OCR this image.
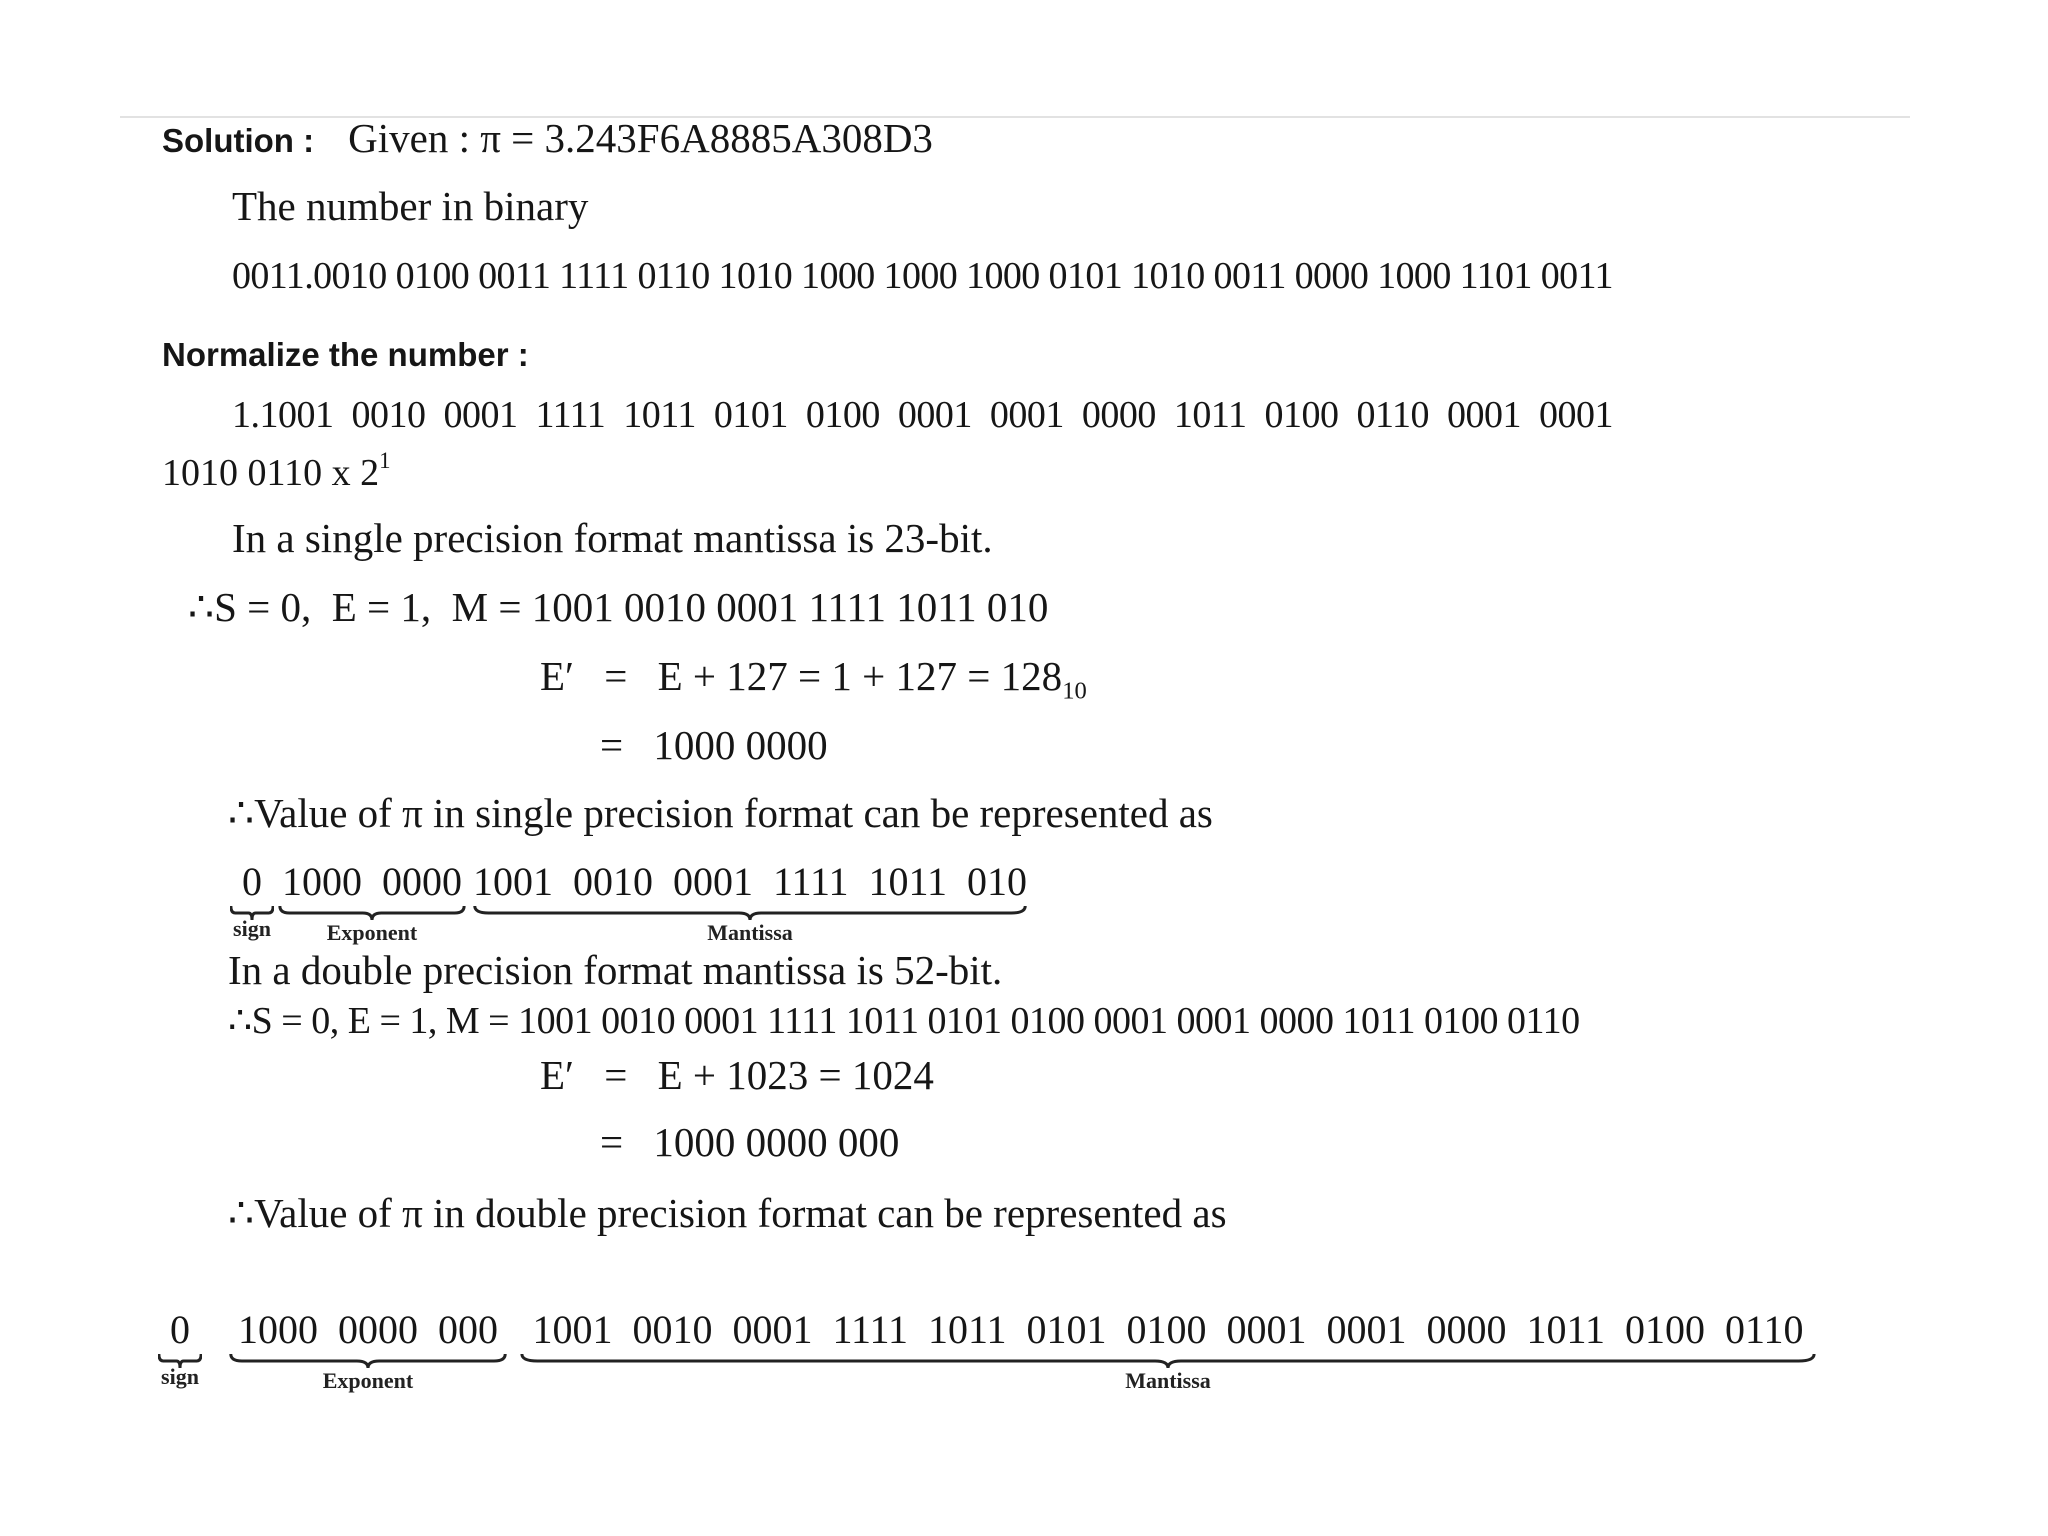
Solution : Given : π = 3.243F6A8885A308D3
The number in binary
0011.0010 0100 0011 1111 0110 1010 1000 1000 1000 0101 1010 0011 0000 1000 1101 0011
Normalize the number :
1.1001  0010  0001  1111  1011  0101  0100  0001  0001  0000  1011  0100  0110  0001  0001
1010 0110 x $2^1$
In a single precision format mantissa is 23-bit.
∴S = 0,  E = 1,  M = 1001 0010 0001 1111 1011 010
$E' = E + 127 = 1 + 127 = 128_{10}$
= 1000 0000
∴Value of π in single precision format can be represented as
0
sign
1000  0000
Exponent
1001  0010  0001  1111  1011  010
Mantissa
In a double precision format mantissa is 52-bit.
∴S = 0, E = 1, M = 1001 0010 0001 1111 1011 0101 0100 0001 0001 0000 1011 0100 0110
E′ = E + 1023 = 1024
= 1000 0000 000
∴Value of π in double precision format can be represented as
0
sign
1000  0000  000
Exponent
1001  0010  0001  1111  1011  0101  0100  0001  0001  0000  1011  0100  0110
Mantissa
